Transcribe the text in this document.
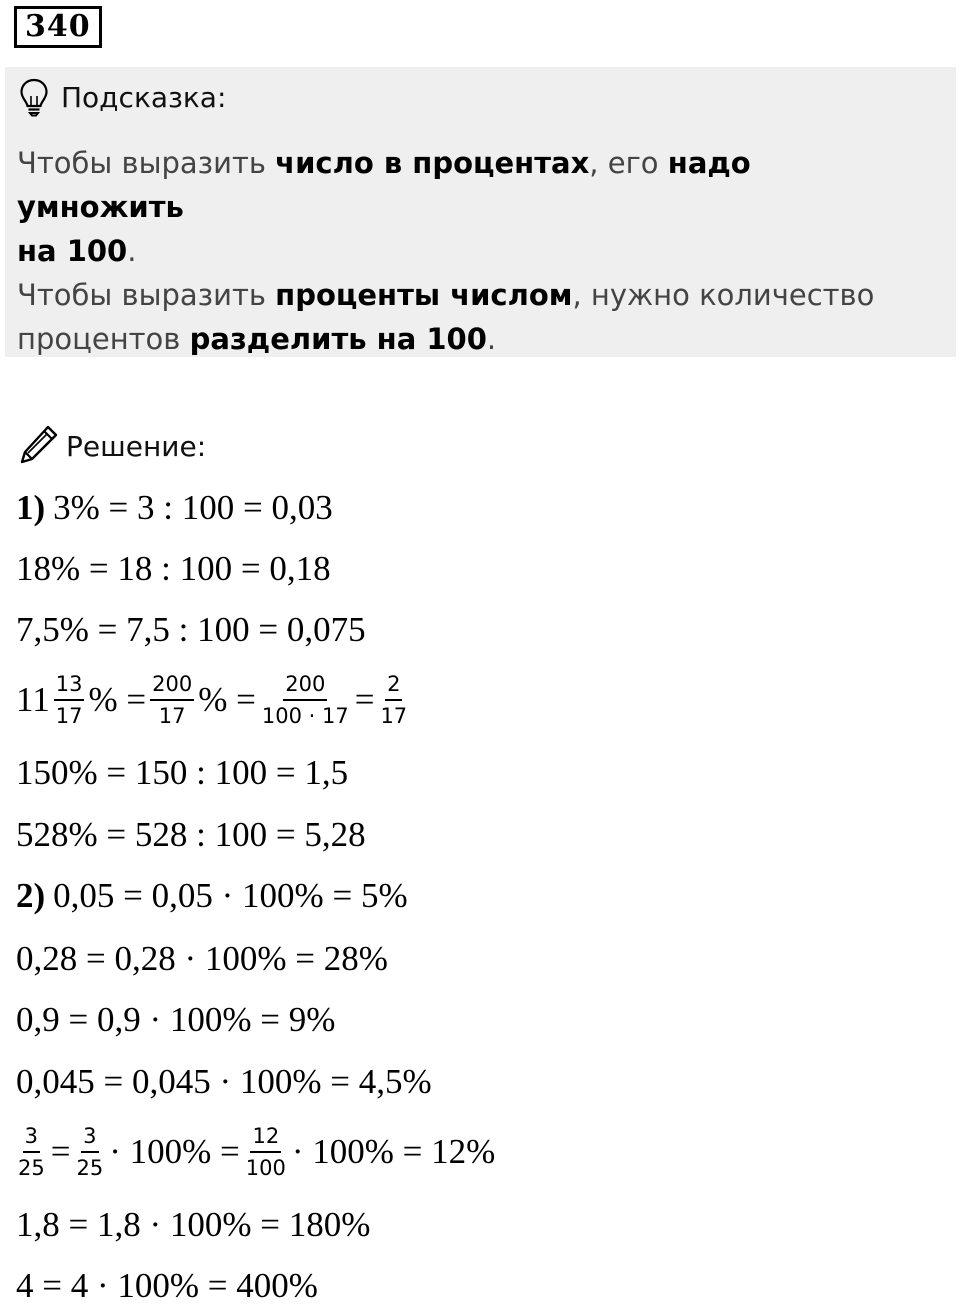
340
Подсказка:
Чтобы выразить число в процентах, его надо умножить
на 100.
Чтобы выразить проценты числом, нужно количество
процентов разделить на 100.
Решение:
1) 3% = 3 : 100 = 0,03
18% = 18 : 100 = 0,18
7,5% = 7,5 : 100 = 0,075
$11 \frac{13}{17}$ % = $\frac{200}{17}$ % = $\frac{200}{100 \cdot 17} = \frac{2}{17}$
150% = 150 : 100 = 1,5
528% = 528 : 100 = 5,28
2) 0,05 = 0,05 · 100% = 5%
0,28 = 0,28 · 100% = 28%
0,9 = 0,9 · 100% = 9%
0,045 = 0,045 · 100% = 4,5%
$\frac{3}{25} = \frac{3}{25} \cdot 100\% = \frac{12}{100} \cdot 100\% = 12\%$
1,8 = 1,8 · 100% = 180%
4 = 4 · 100% = 400%
